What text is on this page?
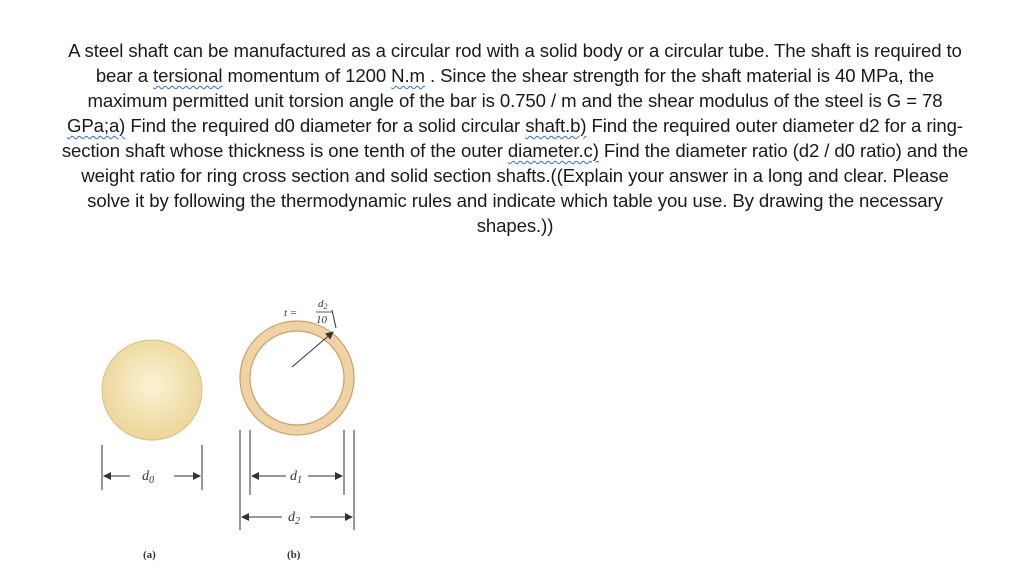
A steel shaft can be manufactured as a circular rod with a solid body or a circular tube. The shaft is required to bear a tersional momentum of 1200 N.m . Since the shear strength for the shaft material is 40 MPa, the maximum permitted unit torsion angle of the bar is 0.750 / m and the shear modulus of the steel is G = 78 GPa;a) Find the required d0 diameter for a solid circular shaft.b) Find the required outer diameter d2 for a ring-section shaft whose thickness is one tenth of the outer diameter.c) Find the diameter ratio (d2 / d0 ratio) and the weight ratio for ring cross section and solid section shafts.((Explain your answer in a long and clear. Please solve it by following the thermodynamic rules and indicate which table you use. By drawing the necessary shapes.))
$d_0$
t =
d2
10
$d_1$
$d_2$
(a)	(b)
